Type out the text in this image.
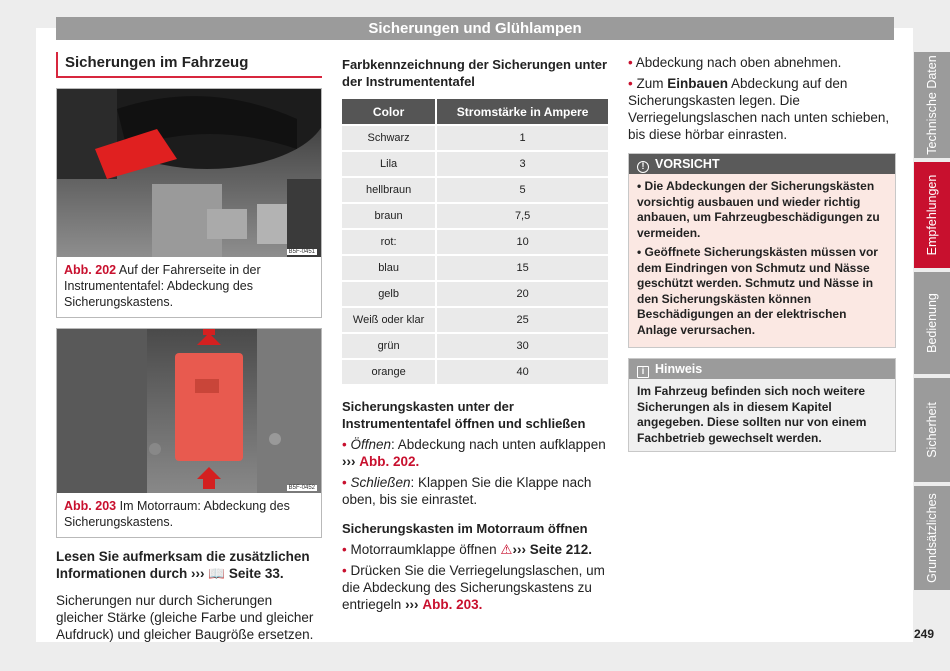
Sicherungen und Glühlampen
Sicherungen im Fahrzeug
B5F-0451
Abb. 202 Auf der Fahrerseite in der Instrumententafel: Abdeckung des Sicherungskastens.
B5F-0452
Abb. 203 Im Motorraum: Abdeckung des Sicherungskastens.
Lesen Sie aufmerksam die zusätzlichen Informationen durch ››› 📖 Seite 33.
Sicherungen nur durch Sicherungen gleicher Stärke (gleiche Farbe und gleicher Aufdruck) und gleicher Baugröße ersetzen.
Farbkennzeichnung der Sicherungen unter der Instrumententafel
Color	Stromstärke in Ampere
Schwarz	1
Lila	3
hellbraun	5
braun	7,5
rot:	10
blau	15
gelb	20
Weiß oder klar	25
grün	30
orange	40
Sicherungskasten unter der Instrumententafel öffnen und schließen
• Öffnen: Abdeckung nach unten aufklappen ››› Abb. 202.
• Schließen: Klappen Sie die Klappe nach oben, bis sie einrastet.
Sicherungskasten im Motorraum öffnen
• Motorraumklappe öffnen ⚠››› Seite 212.
• Drücken Sie die Verriegelungslaschen, um die Abdeckung des Sicherungskastens zu entriegeln ››› Abb. 203.
• Abdeckung nach oben abnehmen.
• Zum Einbauen Abdeckung auf den Sicherungskasten legen. Die Verriegelungslaschen nach unten schieben, bis diese hörbar einrasten.
! VORSICHT
• Die Abdeckungen der Sicherungskästen vorsichtig ausbauen und wieder richtig anbauen, um Fahrzeugbeschädigungen zu vermeiden.
• Geöffnete Sicherungskästen müssen vor dem Eindringen von Schmutz und Nässe geschützt werden. Schmutz und Nässe in den Sicherungskästen können Beschädigungen an der elektrischen Anlage verursachen.
i Hinweis
Im Fahrzeug befinden sich noch weitere Sicherungen als in diesem Kapitel angegeben. Diese sollten nur von einem Fachbetrieb gewechselt werden.
Technische Daten
Empfehlungen
Bedienung
Sicherheit
Grundsätzliches
249
